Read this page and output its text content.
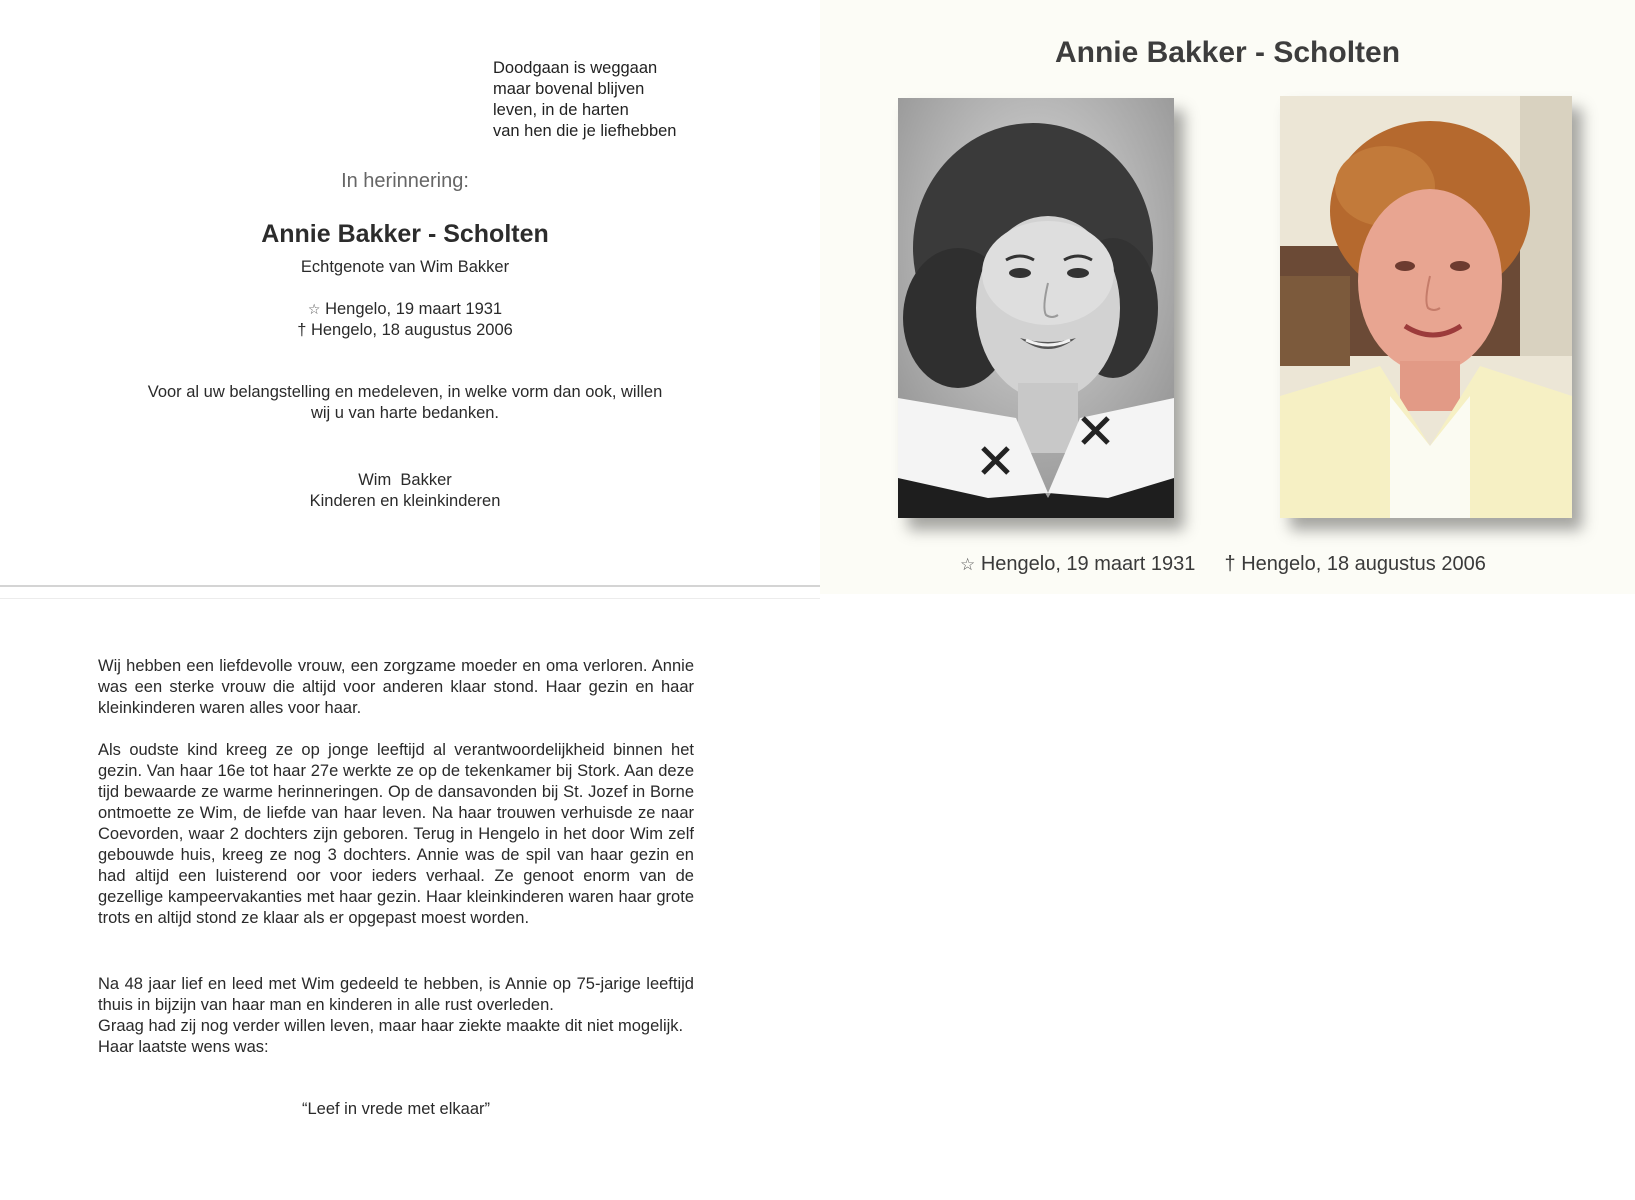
Doodgaan is weggaan
maar bovenal blijven
leven, in de harten
van hen die je liefhebben
In herinnering:
Annie Bakker - Scholten
Echtgenote van Wim Bakker
☆ Hengelo, 19 maart 1931
† Hengelo, 18 augustus 2006
Voor al uw belangstelling en medeleven, in welke vorm dan ook, willen
wij u van harte bedanken.
Wim  Bakker
Kinderen en kleinkinderen
Annie Bakker - Scholten
☆ Hengelo, 19 maart 1931 † Hengelo, 18 augustus 2006
Wij hebben een liefdevolle vrouw, een zorgzame moeder en oma verloren. Annie was een sterke vrouw die altijd voor anderen klaar stond. Haar gezin en haar kleinkinderen waren alles voor haar.
Als oudste kind kreeg ze op jonge leeftijd al verantwoordelijkheid binnen het gezin. Van haar 16e tot haar 27e werkte ze op de tekenkamer bij Stork. Aan deze tijd bewaarde ze warme herinneringen. Op de dansavonden bij St. Jozef in Borne ontmoette ze Wim, de liefde van haar leven. Na haar trouwen verhuisde ze naar Coevorden, waar 2 dochters zijn geboren. Terug in Hengelo in het door Wim zelf gebouwde huis, kreeg ze nog 3 dochters. Annie was de spil van haar gezin en had altijd een luisterend oor voor ieders verhaal. Ze genoot enorm van de gezellige kampeervakanties met haar gezin. Haar kleinkinderen waren haar grote trots en altijd stond ze klaar als er opgepast moest worden.
Na 48 jaar lief en leed met Wim gedeeld te hebben, is Annie op 75-jarige leeftijd thuis in bijzijn van haar man en kinderen in alle rust overleden.
Graag had zij nog verder willen leven, maar haar ziekte maakte dit niet mogelijk.
Haar laatste wens was:
“Leef in vrede met elkaar”
